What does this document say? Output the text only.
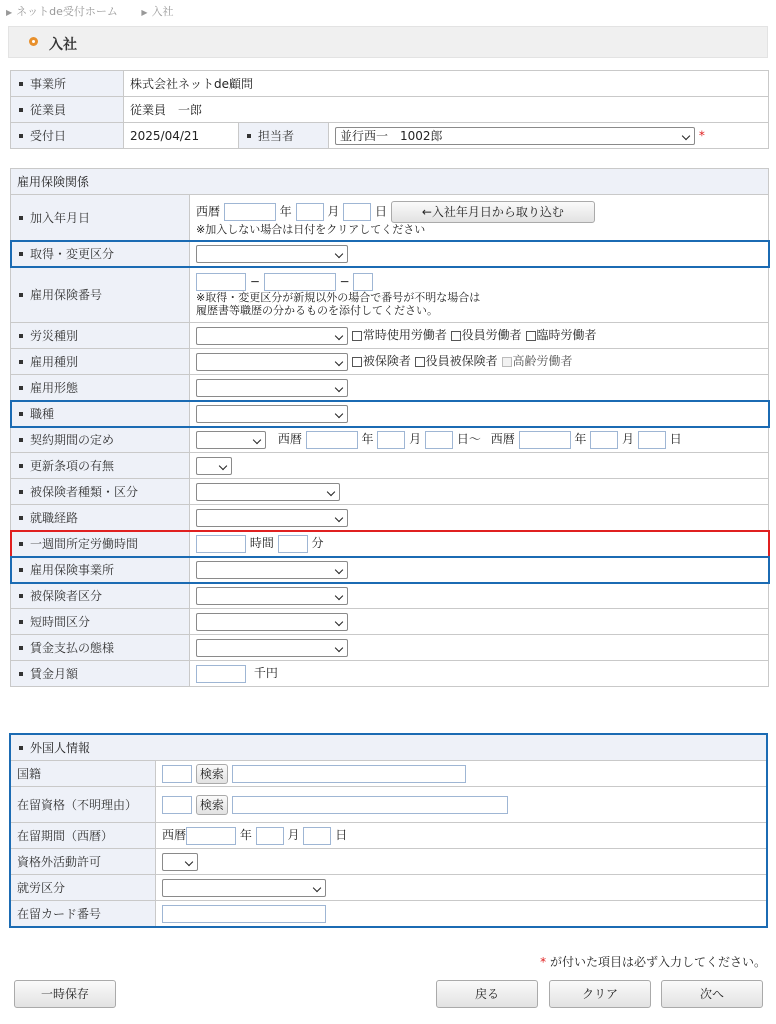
▶ ネットde受付ホーム	▶ 入社
入社
事業所	株式会社ネットde顧問		
従業員	従業員　一郎		
受付日	2025/04/21	担当者	並行西一　1002郎 *
雇用保険関係	
加入年月日	西暦 年 月 日 ←入社年月日から取り込む
※加入しない場合は日付をクリアしてください

取得・変更区分	
雇用保険番号	− −
※取得・変更区分が新規以外の場合で番号が不明な場合は
履歴書等職歴の分かるものを添付してください。

労災種別	常時使用労働者 役員労働者 臨時労働者
雇用種別	被保険者 役員被保険者 高齢労働者
雇用形態	
職種	
契約期間の定め	西暦 年 月 日〜 西暦 年 月 日
更新条項の有無	
被保険者種類・区分	
就職経路	
一週間所定労働時間	時間 分
雇用保険事業所	
被保険者区分	
短時間区分	
賃金支払の態様	
賃金月額	千円
外国人情報	
国籍	検索
在留資格（不明理由）	検索
在留期間（西暦）	西暦 年 月 日
資格外活動許可	
就労区分	
在留カード番号	
* が付いた項目は必ず入力してください。
一時保存	戻る	クリア	次へ
